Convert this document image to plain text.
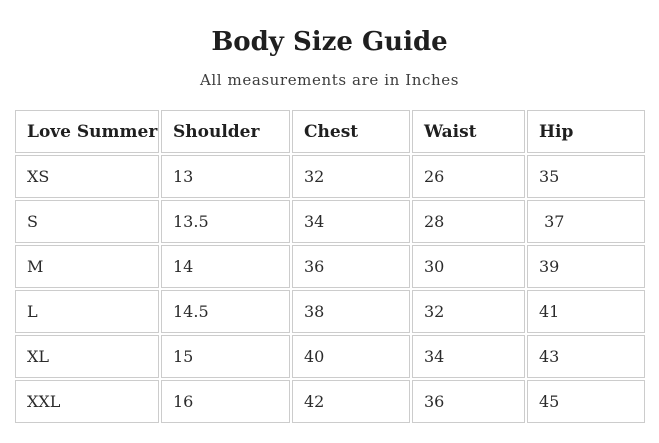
Body Size Guide

All measurements are in Inches

Love Summer	Shoulder	Chest	Waist	Hip
XS	13	32	26	35
S	13.5	34	28	37
M	14	36	30	39
L	14.5	38	32	41
XL	15	40	34	43
XXL	16	42	36	45
